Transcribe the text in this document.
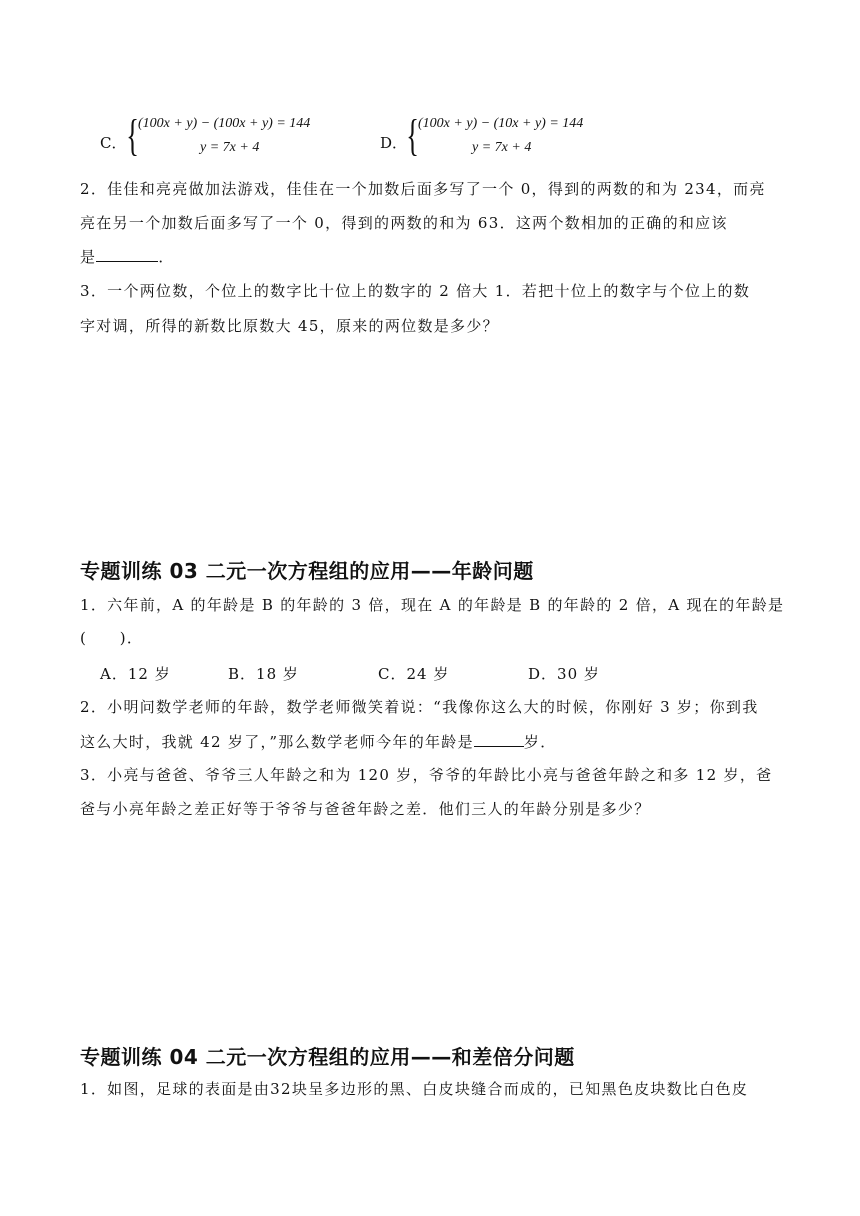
C． { (100x + y) − (100x + y) = 144
y = 7x + 4	D． { (100x + y) − (10x + y) = 144
y = 7x + 4
2．佳佳和亮亮做加法游戏，佳佳在一个加数后面多写了一个 0，得到的两数的和为 234，而亮
亮在另一个加数后面多写了一个 0，得到的两数的和为 63．这两个数相加的正确的和应该
是	．
3．一个两位数，个位上的数字比十位上的数字的 2 倍大 1．若把十位上的数字与个位上的数
字对调，所得的新数比原数大 45，原来的两位数是多少？
专题训练 03 二元一次方程组的应用——年龄问题
1．六年前，A 的年龄是 B 的年龄的 3 倍，现在 A 的年龄是 B 的年龄的 2 倍，A 现在的年龄是
(　　)．
A．12 岁	B．18 岁	C．24 岁	D．30 岁
2．小明问数学老师的年龄，数学老师微笑着说：“我像你这么大的时候，你刚好 3 岁；你到我
这么大时，我就 42 岁了，”那么数学老师今年的年龄是	岁．
3．小亮与爸爸、爷爷三人年龄之和为 120 岁，爷爷的年龄比小亮与爸爸年龄之和多 12 岁，爸
爸与小亮年龄之差正好等于爷爷与爸爸年龄之差．他们三人的年龄分别是多少？
专题训练 04 二元一次方程组的应用——和差倍分问题
1．如图，足球的表面是由32块呈多边形的黑、白皮块缝合而成的，已知黑色皮块数比白色皮
